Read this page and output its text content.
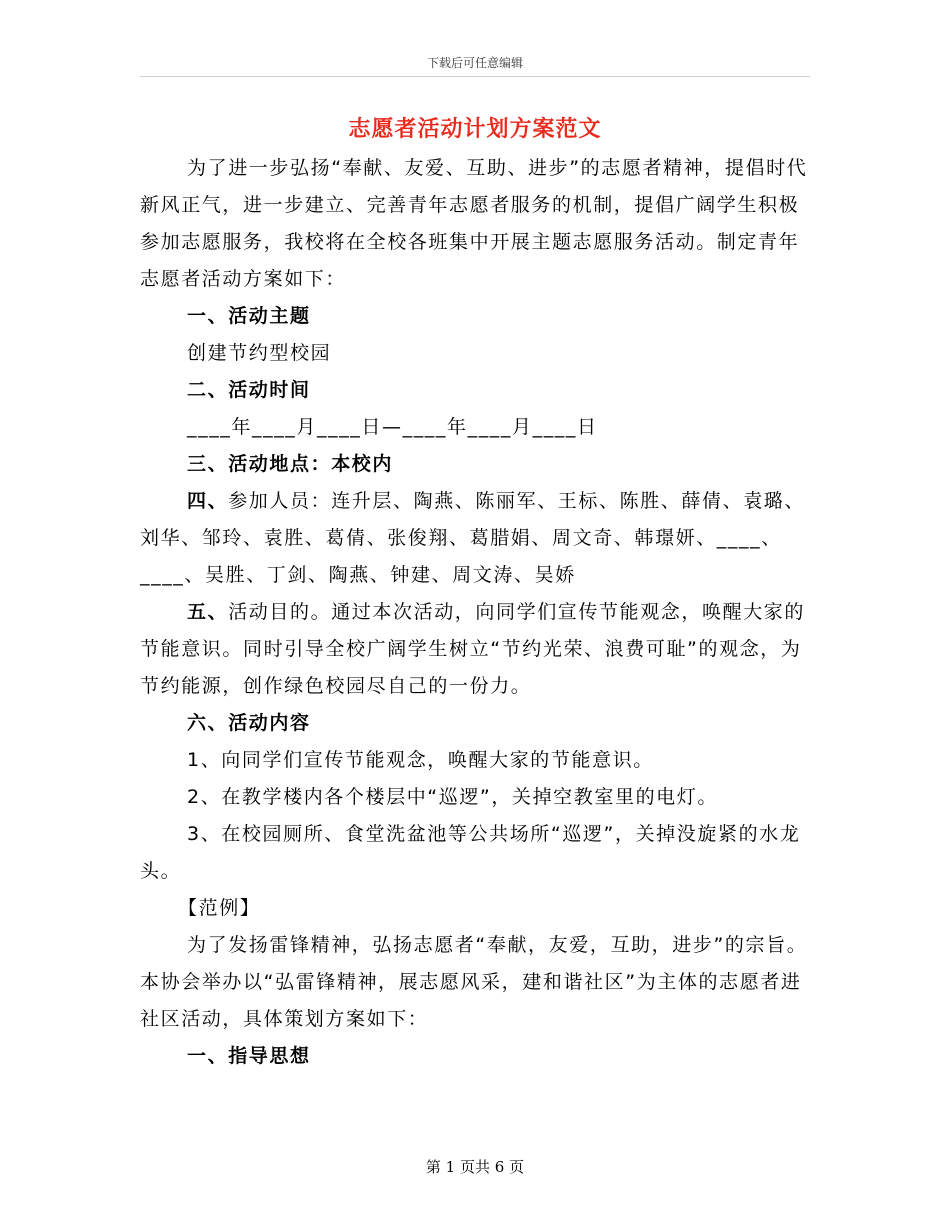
下载后可任意编辑
志愿者活动计划方案范文

为了进一步弘扬“奉献、友爱、互助、进步”的志愿者精神，提倡时代新风正气，进一步建立、完善青年志愿者服务的机制，提倡广阔学生积极参加志愿服务，我校将在全校各班集中开展主题志愿服务活动。制定青年志愿者活动方案如下：

一、活动主题

创建节约型校园

二、活动时间

____年____月____日—____年____月____日

三、活动地点：本校内

四、参加人员：连升层、陶燕、陈丽军、王标、陈胜、薛倩、袁璐、刘华、邹玲、袁胜、葛倩、张俊翔、葛腊娟、周文奇、韩璟妍、____、____、吴胜、丁剑、陶燕、钟建、周文涛、吴娇

五、活动目的。通过本次活动，向同学们宣传节能观念，唤醒大家的节能意识。同时引导全校广阔学生树立“节约光荣、浪费可耻”的观念，为节约能源，创作绿色校园尽自己的一份力。

六、活动内容

1、向同学们宣传节能观念，唤醒大家的节能意识。

2、在教学楼内各个楼层中“巡逻”，关掉空教室里的电灯。

3、在校园厕所、食堂洗盆池等公共场所“巡逻”，关掉没旋紧的水龙头。

【范例】

为了发扬雷锋精神，弘扬志愿者“奉献，友爱，互助，进步”的宗旨。本协会举办以“弘雷锋精神，展志愿风采，建和谐社区”为主体的志愿者进社区活动，具体策划方案如下：

一、指导思想

第 1 页共 6 页
